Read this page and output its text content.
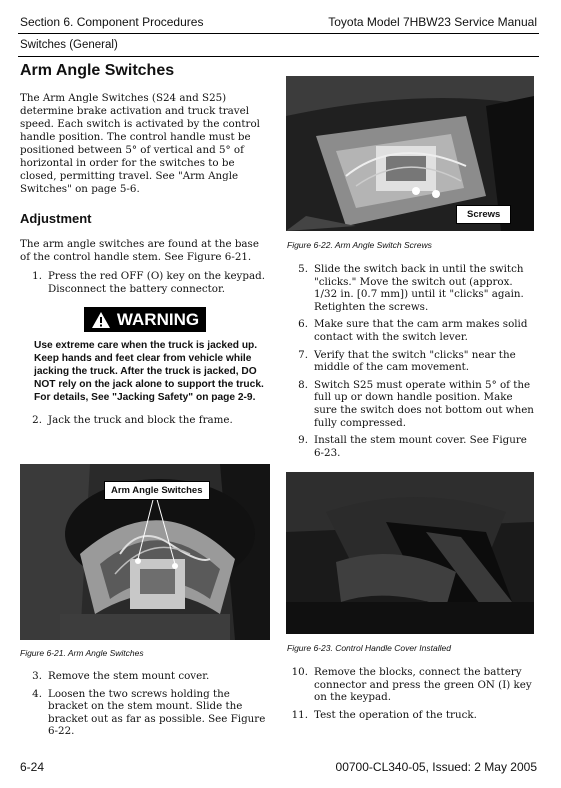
Section 6. Component Procedures	Toyota Model 7HBW23 Service Manual
Switches (General)
Arm Angle Switches

The Arm Angle Switches (S24 and S25) determine brake activation and truck travel speed. Each switch is activated by the control handle position. The control handle must be positioned between 5° of vertical and 5° of horizontal in order for the switches to be closed, permitting travel. See "Arm Angle Switches" on page 5-6.

Adjustment

The arm angle switches are found at the base of the control handle stem. See Figure 6-21.

1. Press the red OFF (O) key on the keypad. Disconnect the battery connector.
WARNING
Use extreme care when the truck is jacked up. Keep hands and feet clear from vehicle while jacking the truck. After the truck is jacked, DO NOT rely on the jack alone to support the truck. For details, See "Jacking Safety" on page 2-9.
2. Jack the truck and block the frame.
Arm Angle Switches
Figure 6-21. Arm Angle Switches
3. Remove the stem mount cover.
4. Loosen the two screws holding the bracket on the stem mount. Slide the bracket out as far as possible. See Figure 6-22.
Screws
Figure 6-22. Arm Angle Switch Screws
5. Slide the switch back in until the switch "clicks." Move the switch out (approx. 1/32 in. [0.7 mm]) until it "clicks" again. Retighten the screws.
6. Make sure that the cam arm makes solid contact with the switch lever.
7. Verify that the switch "clicks" near the middle of the cam movement.
8. Switch S25 must operate within 5° of the full up or down handle position. Make sure the switch does not bottom out when fully compressed.
9. Install the stem mount cover. See Figure 6-23.
Figure 6-23. Control Handle Cover Installed
10. Remove the blocks, connect the battery connector and press the green ON (I) key on the keypad.
11. Test the operation of the truck.
6-24	00700-CL340-05, Issued: 2 May 2005
